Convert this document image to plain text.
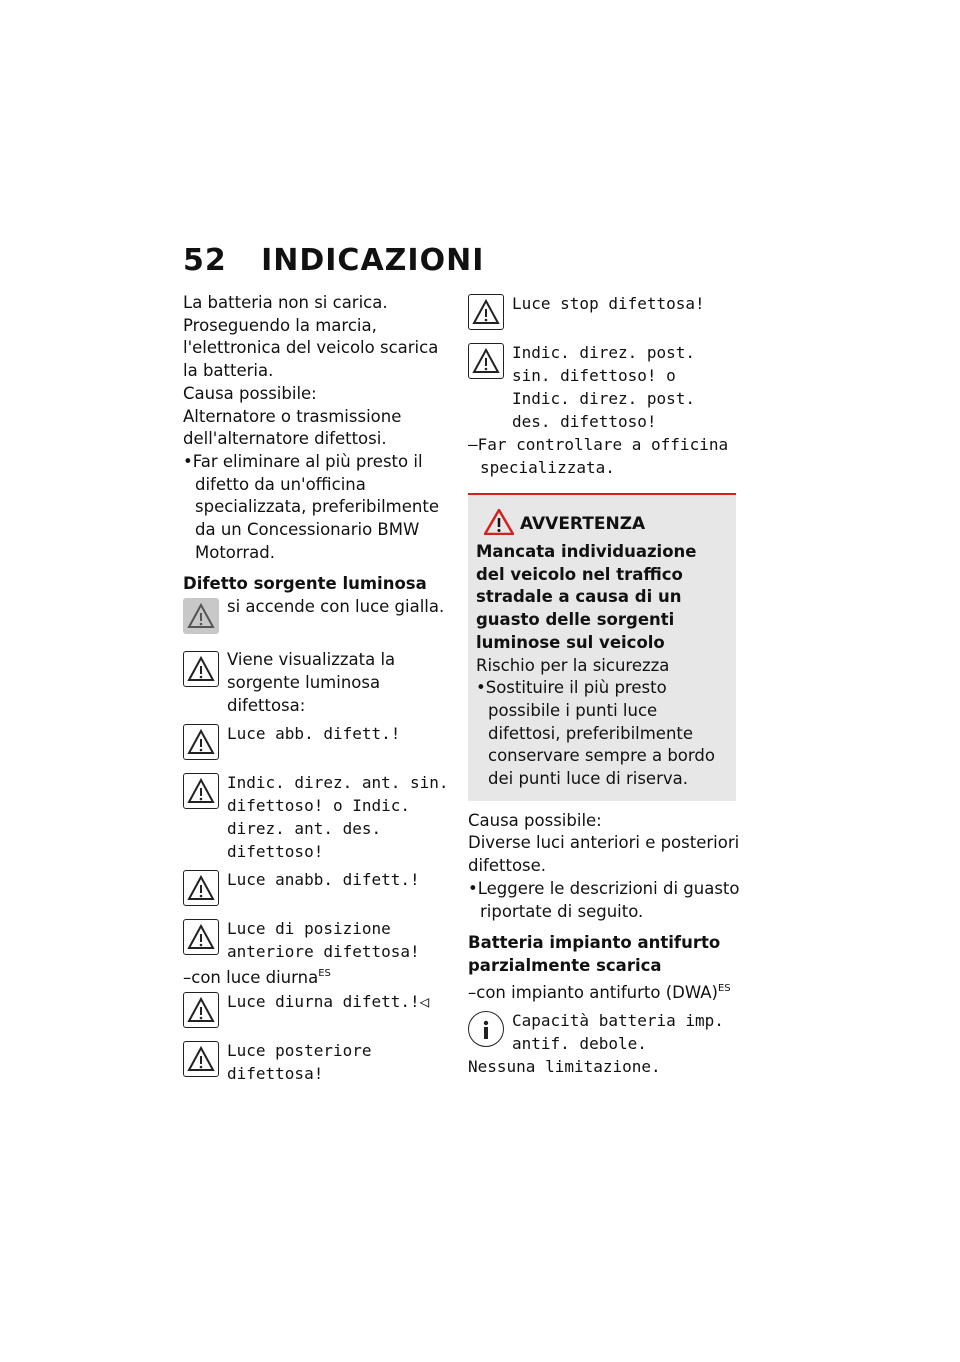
52 INDICAZIONI

La batteria non si carica. Proseguendo la marcia, l'elettronica del veicolo scarica la batteria.

Causa possibile:

Alternatore o trasmissione dell'alternatore difettosi.

•Far eliminare al più presto il difetto da un'officina specializzata, preferibilmente da un Concessionario BMW Motorrad.

Difetto sorgente luminosa

si accende con luce gialla.
Viene visualizzata la sorgente luminosa difettosa:
Luce abb. difett.!
Indic. direz. ant. sin. difettoso! o Indic. direz. ant. des. difettoso!
Luce anabb. difett.!
Luce di posizione anteriore difettosa!

–con luce diurna$^{ES}$

Luce diurna difett.!◁
Luce posteriore difettosa!
Luce stop difettosa!
Indic. direz. post. sin. difettoso! o Indic. direz. post. des. difettoso!

–Far controllare a officina specializzata.

AVVERTENZA

Mancata individuazione del veicolo nel traffico stradale a causa di un guasto delle sorgenti luminose sul veicolo

Rischio per la sicurezza

•Sostituire il più presto possibile i punti luce difettosi, preferibilmente conservare sempre a bordo dei punti luce di riserva.

Causa possibile:

Diverse luci anteriori e posteriori difettose.

•Leggere le descrizioni di guasto riportate di seguito.

Batteria impianto antifurto parzialmente scarica

–con impianto antifurto (DWA)$^{ES}$

Capacità batteria imp. antif. debole.

Nessuna limitazione.
